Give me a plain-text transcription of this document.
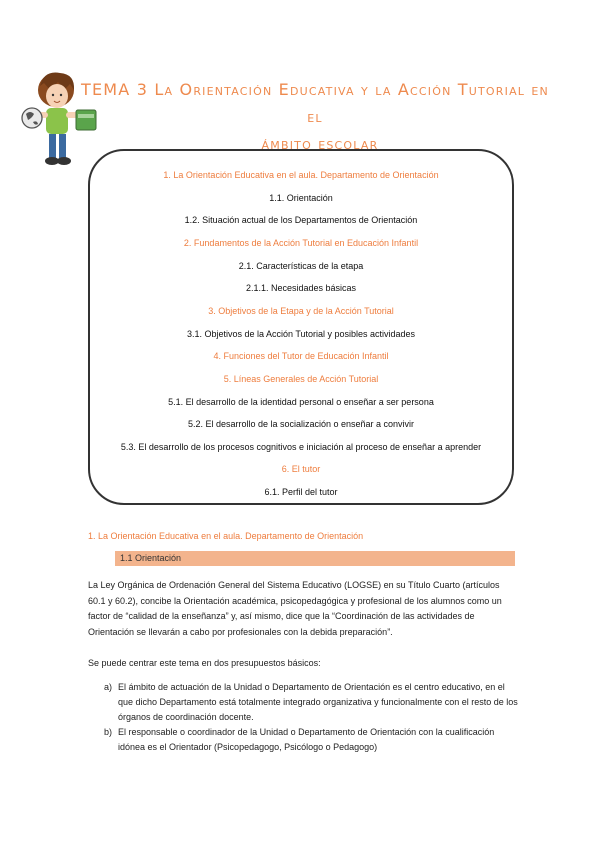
TEMA 3 La Orientación Educativa y la Acción Tutorial en el
ámbito escolar
1. La Orientación Educativa en el aula. Departamento de Orientación
1.1. Orientación
1.2. Situación actual de los Departamentos de Orientación
2. Fundamentos de la Acción Tutorial en Educación Infantil
2.1. Características de la etapa
2.1.1. Necesidades básicas
3. Objetivos de la Etapa y de la Acción Tutorial
3.1. Objetivos de la Acción Tutorial y posibles actividades
4. Funciones del Tutor de Educación Infantil
5. Líneas Generales de Acción Tutorial
5.1. El desarrollo de la identidad personal o enseñar a ser persona
5.2. El desarrollo de la socialización o enseñar a convivir
5.3. El desarrollo de los procesos cognitivos e iniciación al proceso de enseñar a aprender
6. El tutor
6.1. Perfil del tutor
1. La Orientación Educativa en el aula. Departamento de Orientación
1.1 Orientación
La Ley Orgánica de Ordenación General del Sistema Educativo (LOGSE) en su Título Cuarto (artículos 60.1 y 60.2), concibe la Orientación académica, psicopedagógica y profesional de los alumnos como un factor de “calidad de la enseñanza” y, así mismo, dice que la “Coordinación de las actividades de Orientación se llevarán a cabo por profesionales con la debida preparación”.
Se puede centrar este tema en dos presupuestos básicos:
a) El ámbito de actuación de la Unidad o Departamento de Orientación es el centro educativo, en el que dicho Departamento está totalmente integrado organizativa y funcionalmente con el resto de los órganos de coordinación docente.
b) El responsable o coordinador de la Unidad o Departamento de Orientación con la cualificación idónea es el Orientador (Psicopedagogo, Psicólogo o Pedagogo)
